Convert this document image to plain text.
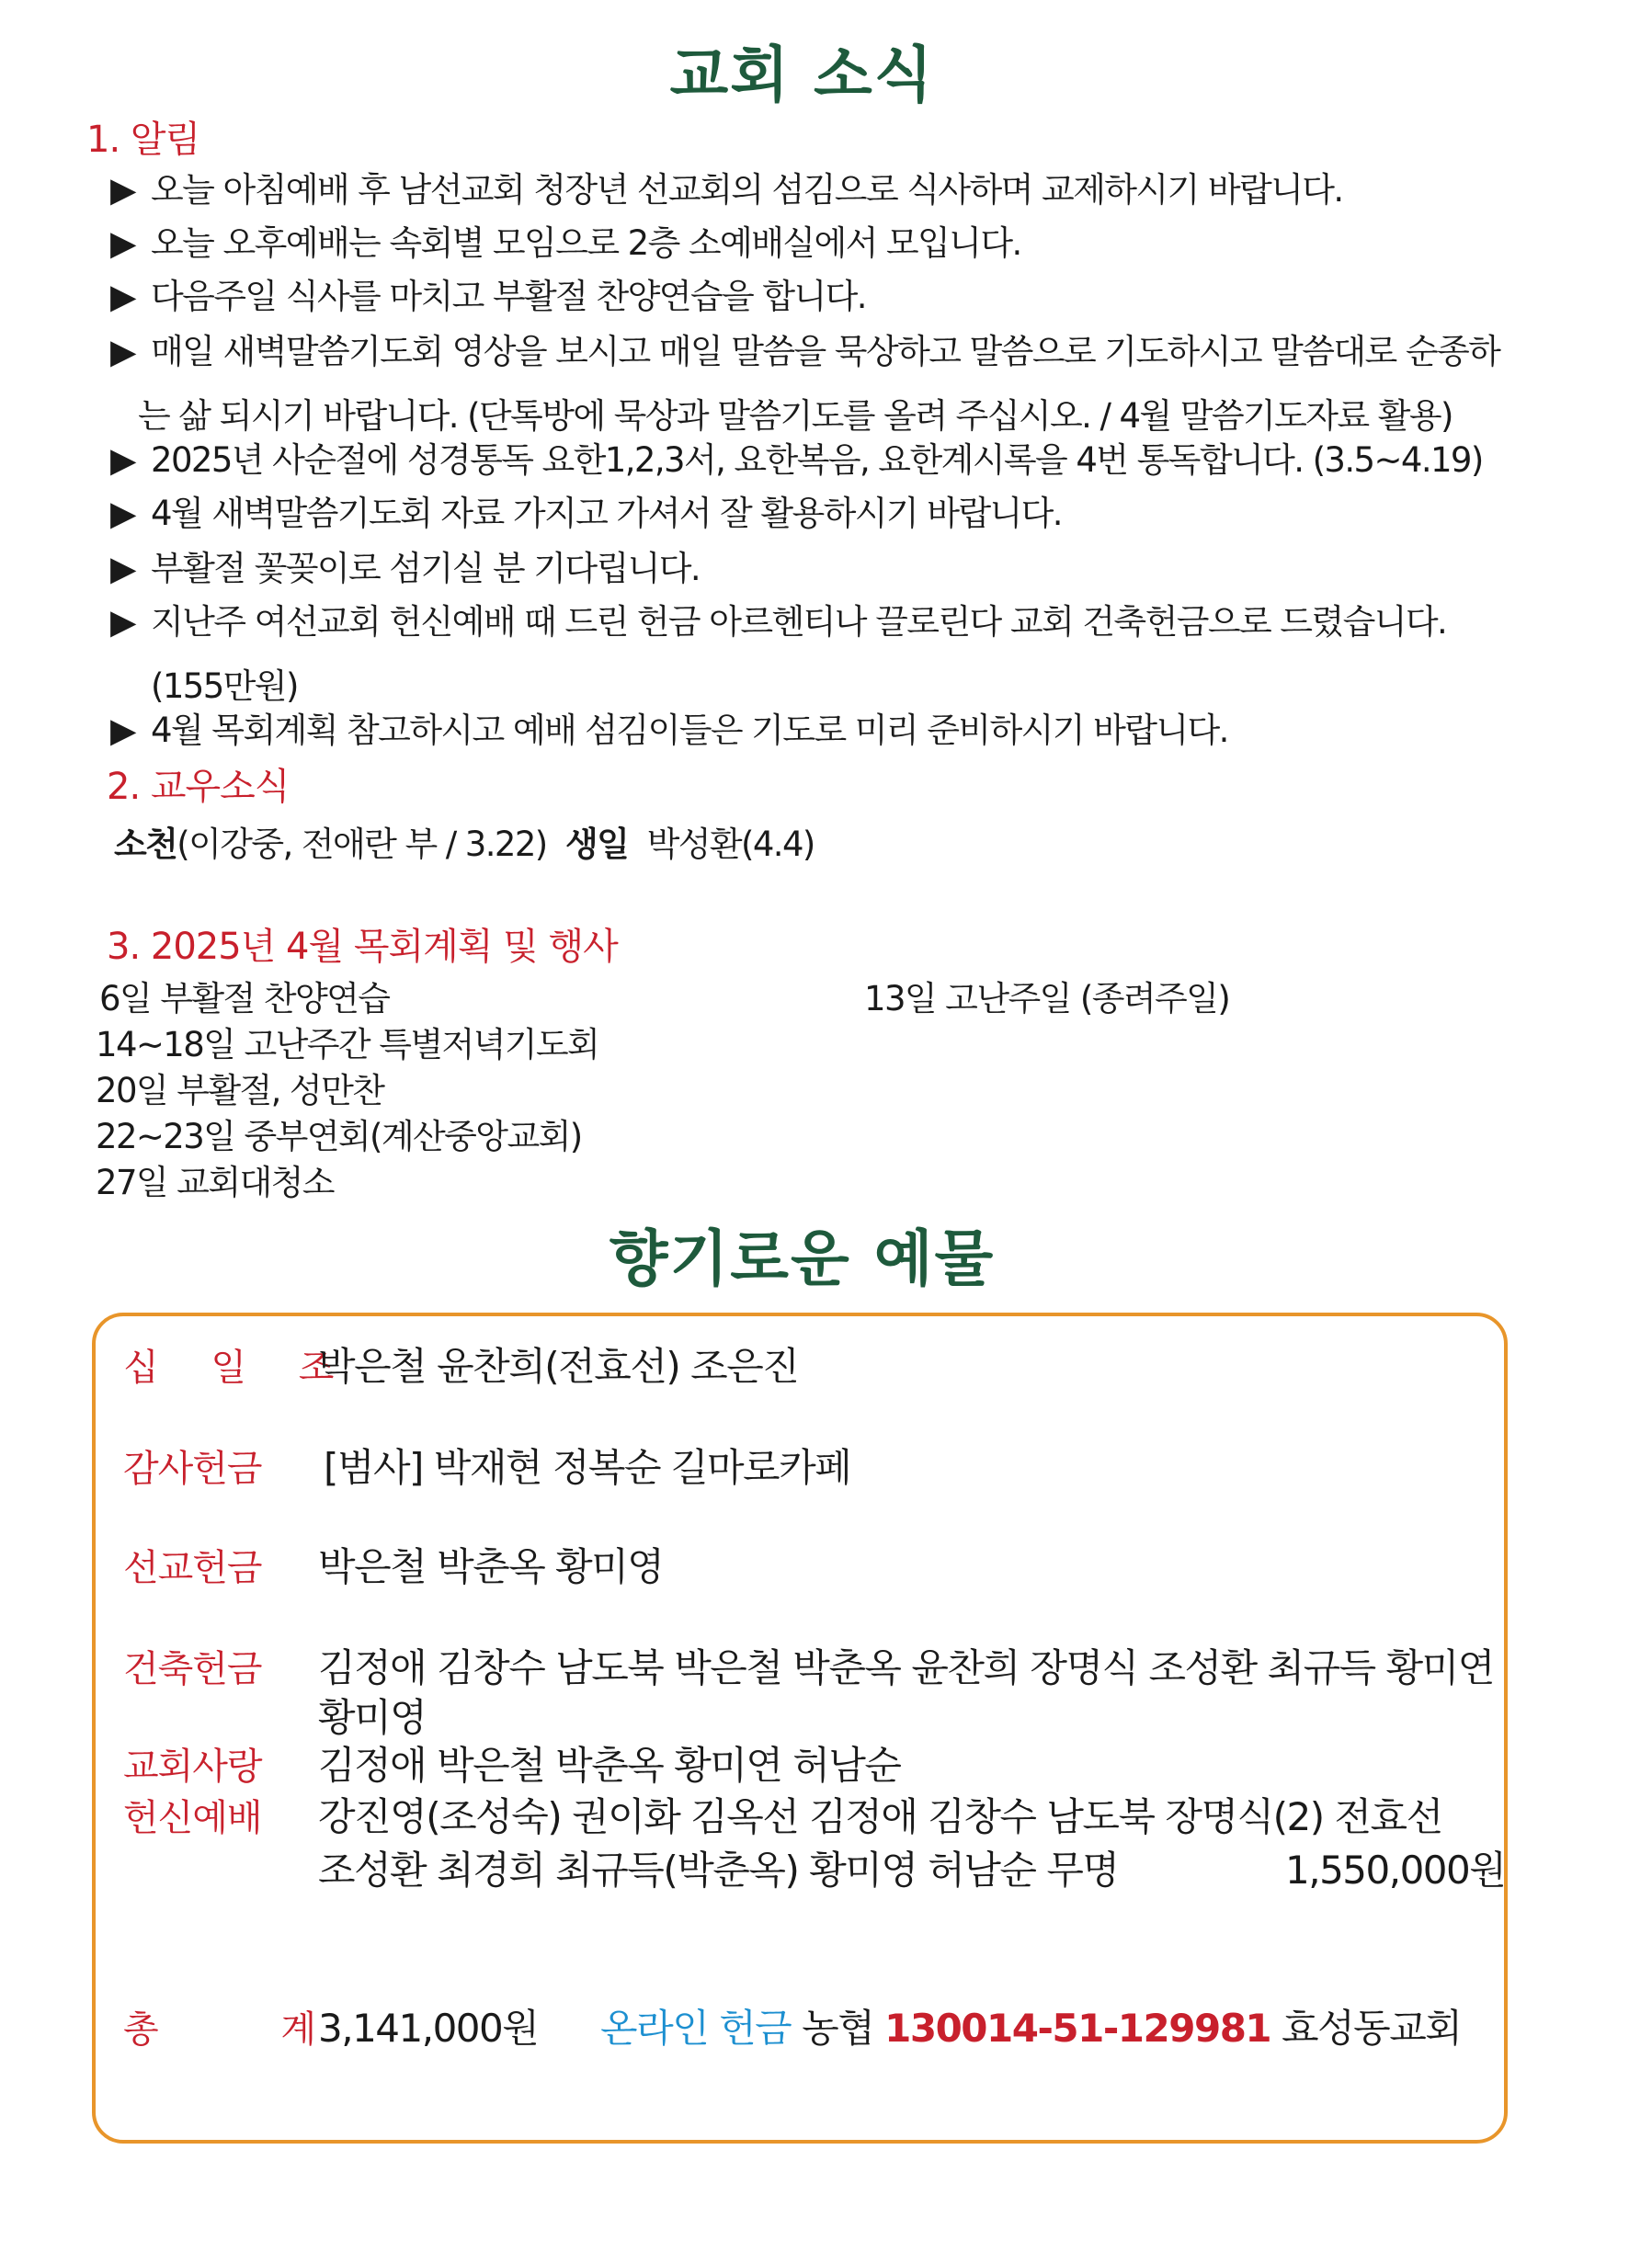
교회 소식
1. 알림
▶ 오늘 아침예배 후 남선교회 청장년 선교회의 섬김으로 식사하며 교제하시기 바랍니다.
▶ 오늘 오후예배는 속회별 모임으로 2층 소예배실에서 모입니다.
▶ 다음주일 식사를 마치고 부활절 찬양연습을 합니다.
▶ 매일 새벽말씀기도회 영상을 보시고 매일 말씀을 묵상하고 말씀으로 기도하시고 말씀대로 순종하
는 삶 되시기 바랍니다. (단톡방에 묵상과 말씀기도를 올려 주십시오. / 4월 말씀기도자료 활용)
▶ 2025년 사순절에 성경통독 요한1,2,3서, 요한복음, 요한계시록을 4번 통독합니다. (3.5~4.19)
▶ 4월 새벽말씀기도회 자료 가지고 가셔서 잘 활용하시기 바랍니다.
▶ 부활절 꽃꽂이로 섬기실 분 기다립니다.
▶ 지난주 여선교회 헌신예배 때 드린 헌금 아르헨티나 끌로린다 교회 건축헌금으로 드렸습니다.
(155만원)
▶ 4월 목회계획 참고하시고 예배 섬김이들은 기도로 미리 준비하시기 바랍니다.
2. 교우소식
소천(이강중, 전애란 부 / 3.22) 생일 박성환(4.4)
3. 2025년 4월 목회계획 및 행사
6일 부활절 찬양연습	13일 고난주일 (종려주일)
14~18일 고난주간 특별저녁기도회
20일 부활절, 성만찬
22~23일 중부연회(계산중앙교회)
27일 교회대청소
향기로운 예물
십 일 조
박은철 윤찬희(전효선) 조은진
감사헌금 [범사] 박재현 정복순 길마로카페
선교헌금 박은철 박춘옥 황미영
건축헌금 김정애 김창수 남도북 박은철 박춘옥 윤찬희 장명식 조성환 최규득 황미연
황미영
교회사랑 김정애 박은철 박춘옥 황미연 허남순
헌신예배 강진영(조성숙) 권이화 김옥선 김정애 김창수 남도북 장명식(2) 전효선
조성환 최경희 최규득(박춘옥) 황미영 허남순 무명	1,550,000원
총 계
3,141,000원 온라인 헌금 농협 130014-51-129981 효성동교회
